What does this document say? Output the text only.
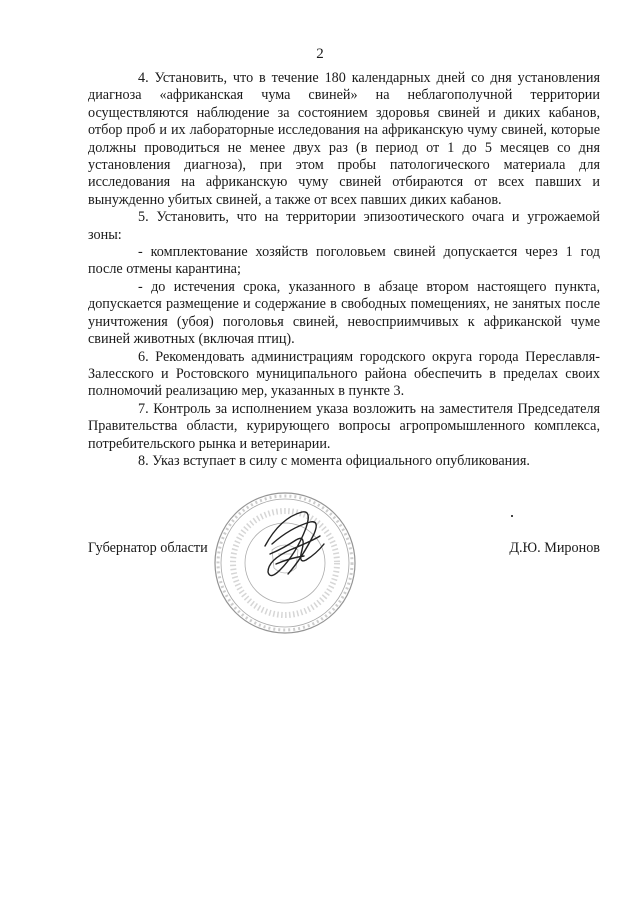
2

4. Установить, что в течение 180 календарных дней со дня установления диагноза «африканская чума свиней» на неблагополучной территории осуществляются наблюдение за состоянием здоровья свиней и диких кабанов, отбор проб и их лабораторные исследования на африканскую чуму свиней, которые должны проводиться не менее двух раз (в период от 1 до 5 месяцев со дня установления диагноза), при этом пробы патологического материала для исследования на африканскую чуму свиней отбираются от всех павших и вынужденно убитых свиней, а также от всех павших диких кабанов.

5. Установить, что на территории эпизоотического очага и угрожаемой зоны:

- комплектование хозяйств поголовьем свиней допускается через 1 год после отмены карантина;

- до истечения срока, указанного в абзаце втором настоящего пункта, допускается размещение и содержание в свободных помещениях, не занятых после уничтожения (убоя) поголовья свиней, невосприимчивых к африканской чуме свиней животных (включая птиц).

6. Рекомендовать администрациям городского округа города Переславля-Залесского и Ростовского муниципального района обеспечить в пределах своих полномочий реализацию мер, указанных в пункте 3.

7. Контроль за исполнением указа возложить на заместителя Председателя Правительства области, курирующего вопросы агропромышленного комплекса, потребительского рынка и ветеринарии.

8. Указ вступает в силу с момента официального опубликования.

Губернатор области	Д.Ю. Миронов
